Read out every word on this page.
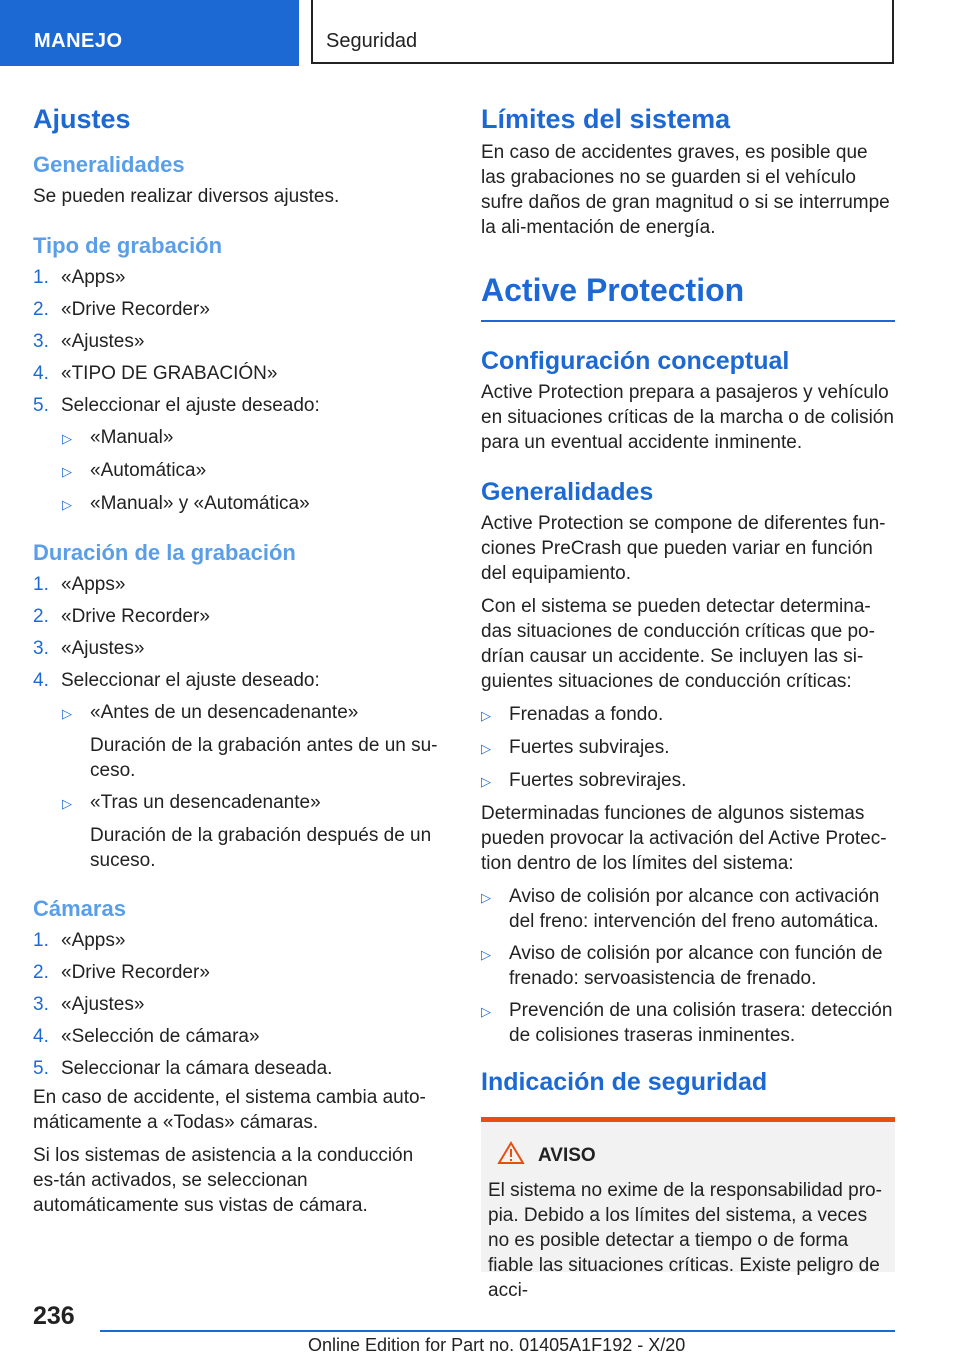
MANEJO	Seguridad
Ajustes
Generalidades

Se pueden realizar diversos ajustes.

Tipo de grabación
1. «Apps»
2. «Drive Recorder»
3. «Ajustes»
4. «TIPO DE GRABACIÓN»
5. Seleccionar el ajuste deseado:
▷ «Manual»
▷ «Automática»
▷ «Manual» y «Automática»
Duración de la grabación
1. «Apps»
2. «Drive Recorder»
3. «Ajustes»
4. Seleccionar el ajuste deseado:
▷ «Antes de un desencadenante»
Duración de la grabación antes de un su-ceso.
▷ «Tras un desencadenante»
Duración de la grabación después de un suceso.
Cámaras
1. «Apps»
2. «Drive Recorder»
3. «Ajustes»
4. «Selección de cámara»
5. Seleccionar la cámara deseada.

En caso de accidente, el sistema cambia auto-máticamente a «Todas» cámaras.

Si los sistemas de asistencia a la conducción es-tán activados, se seleccionan automáticamente sus vistas de cámara.

Límites del sistema

En caso de accidentes graves, es posible que las grabaciones no se guarden si el vehículo sufre daños de gran magnitud o si se interrumpe la ali-mentación de energía.

Active Protection
Configuración conceptual

Active Protection prepara a pasajeros y vehículo en situaciones críticas de la marcha o de colisión para un eventual accidente inminente.

Generalidades

Active Protection se compone de diferentes fun-ciones PreCrash que pueden variar en función del equipamiento.

Con el sistema se pueden detectar determina-das situaciones de conducción críticas que po-drían causar un accidente. Se incluyen las si-guientes situaciones de conducción críticas:

▷ Frenadas a fondo.
▷ Fuertes subvirajes.
▷ Fuertes sobrevirajes.

Determinadas funciones de algunos sistemas pueden provocar la activación del Active Protec-tion dentro de los límites del sistema:

▷ Aviso de colisión por alcance con activación del freno: intervención del freno automática.
▷ Aviso de colisión por alcance con función de frenado: servoasistencia de frenado.
▷ Prevención de una colisión trasera: detección de colisiones traseras inminentes.
Indicación de seguridad
AVISO

El sistema no exime de la responsabilidad pro-pia. Debido a los límites del sistema, a veces no es posible detectar a tiempo o de forma fiable las situaciones críticas. Existe peligro de acci-

236
Online Edition for Part no. 01405A1F192 - X/20
